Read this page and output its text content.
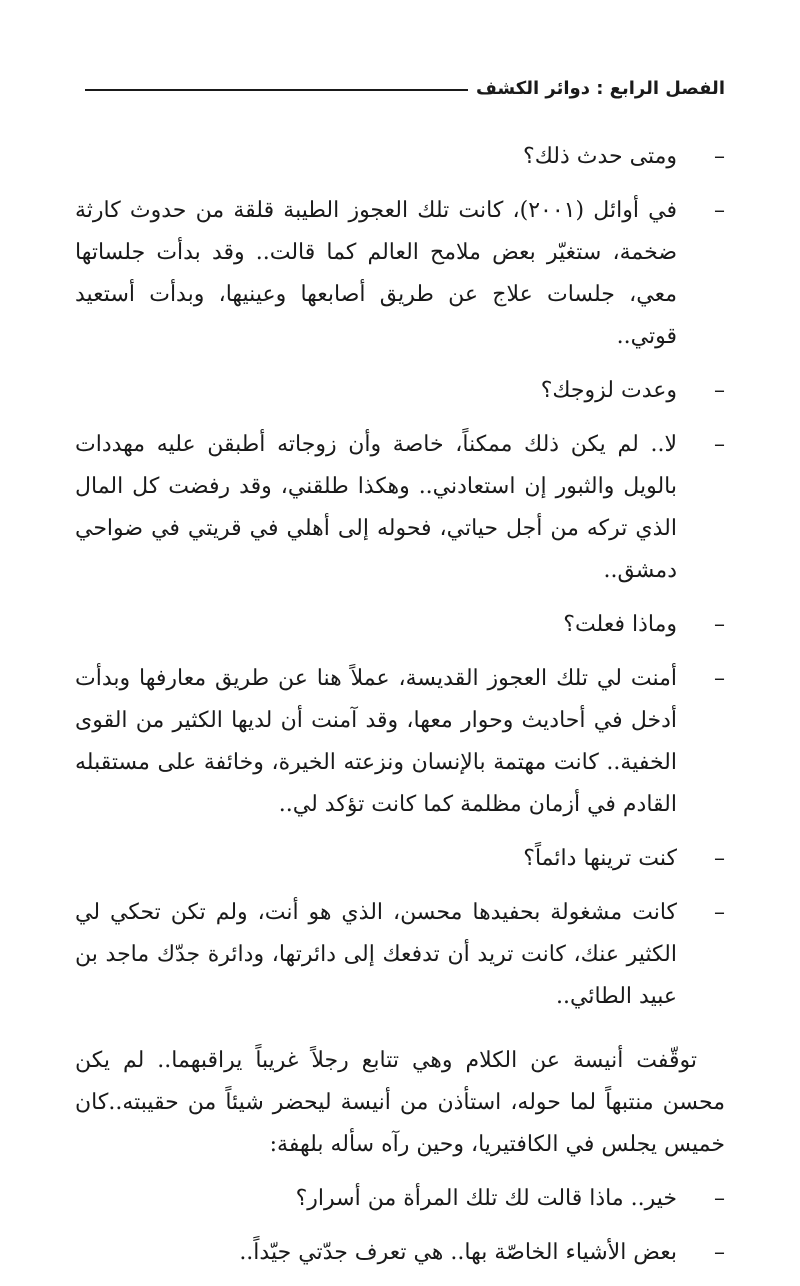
الفصل الرابع : دوائر الكشف
–
ومتى حدث ذلك؟
–
في أوائل (٢٠٠١)، كانت تلك العجوز الطيبة قلقة من حدوث كارثة ضخمة، ستغيّر بعض ملامح العالم كما قالت.. وقد بدأت جلساتها معي، جلسات علاج عن طريق أصابعها وعينيها، وبدأت أستعيد قوتي..
–
وعدت لزوجك؟
–
لا.. لم يكن ذلك ممكناً، خاصة وأن زوجاته أطبقن عليه مهددات بالويل والثبور إن استعادني.. وهكذا طلقني، وقد رفضت كل المال الذي تركه من أجل حياتي، فحوله إلى أهلي في قريتي في ضواحي دمشق..
–
وماذا فعلت؟
–
أمنت لي تلك العجوز القديسة، عملاً هنا عن طريق معارفها وبدأت أدخل في أحاديث وحوار معها، وقد آمنت أن لديها الكثير من القوى الخفية.. كانت مهتمة بالإنسان ونزعته الخيرة، وخائفة على مستقبله القادم في أزمان مظلمة كما كانت تؤكد لي..
–
كنت ترينها دائماً؟
–
كانت مشغولة بحفيدها محسن، الذي هو أنت، ولم تكن تحكي لي الكثير عنك، كانت تريد أن تدفعك إلى دائرتها، ودائرة جدّك ماجد بن عبيد الطائي..

توقّفت أنيسة عن الكلام وهي تتابع رجلاً غريباً يراقبهما.. لم يكن محسن منتبهاً لما حوله، استأذن من أنيسة ليحضر شيئاً من حقيبته..كان خميس يجلس في الكافتيريا، وحين رآه سأله بلهفة:

–
خير.. ماذا قالت لك تلك المرأة من أسرار؟
–
بعض الأشياء الخاصّة بها.. هي تعرف جدّتي جيّداً..
